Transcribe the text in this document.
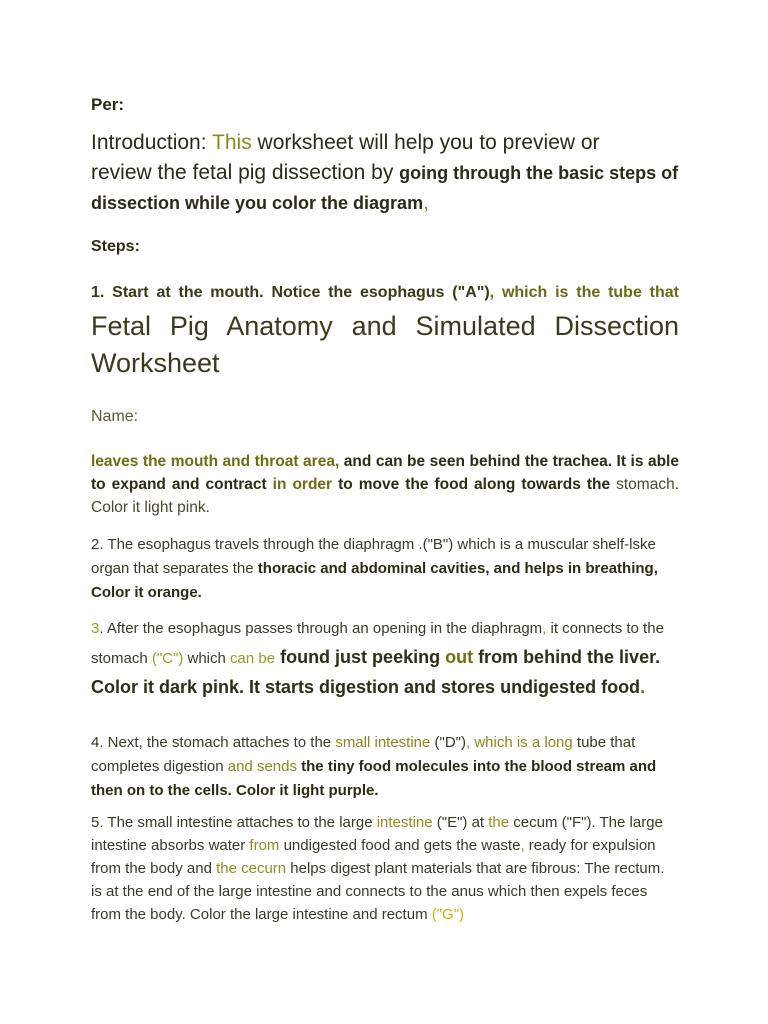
Per:

Introduction: This worksheet will help you to preview or
review the fetal pig dissection by going through the basic steps of dissection while you color the diagram,

Steps:

1. Start at the mouth. Notice the esophagus ("A"), which is the tube that

Fetal Pig Anatomy and Simulated Dissection Worksheet

Name:

leaves the mouth and throat area, and can be seen behind the trachea. It is able to expand and contract in order to move the food along towards the stomach. Color it light pink.

2. The esophagus travels through the diaphragm .("B") which is a muscular shelf-lske organ that separates the thoracic and abdominal cavities, and helps in breathing, Color it orange.

3. After the esophagus passes through an opening in the diaphragm, it connects to the stomach ("C") which can be found just peeking out from behind the liver. Color it dark pink. It starts digestion and stores undigested food.

4. Next, the stomach attaches to the small intestine ("D"), which is a long tube that completes digestion and sends the tiny food molecules into the blood stream and then on to the cells. Color it light purple.

5. The small intestine attaches to the large intestine ("E") at the cecum ("F"). The large intestine absorbs water from undigested food and gets the waste, ready for expulsion from the body and the cecurn helps digest plant materials that are fibrous: The rectum. is at the end of the large intestine and connects to the anus which then expels feces from the body. Color the large intestine and rectum ("G")
